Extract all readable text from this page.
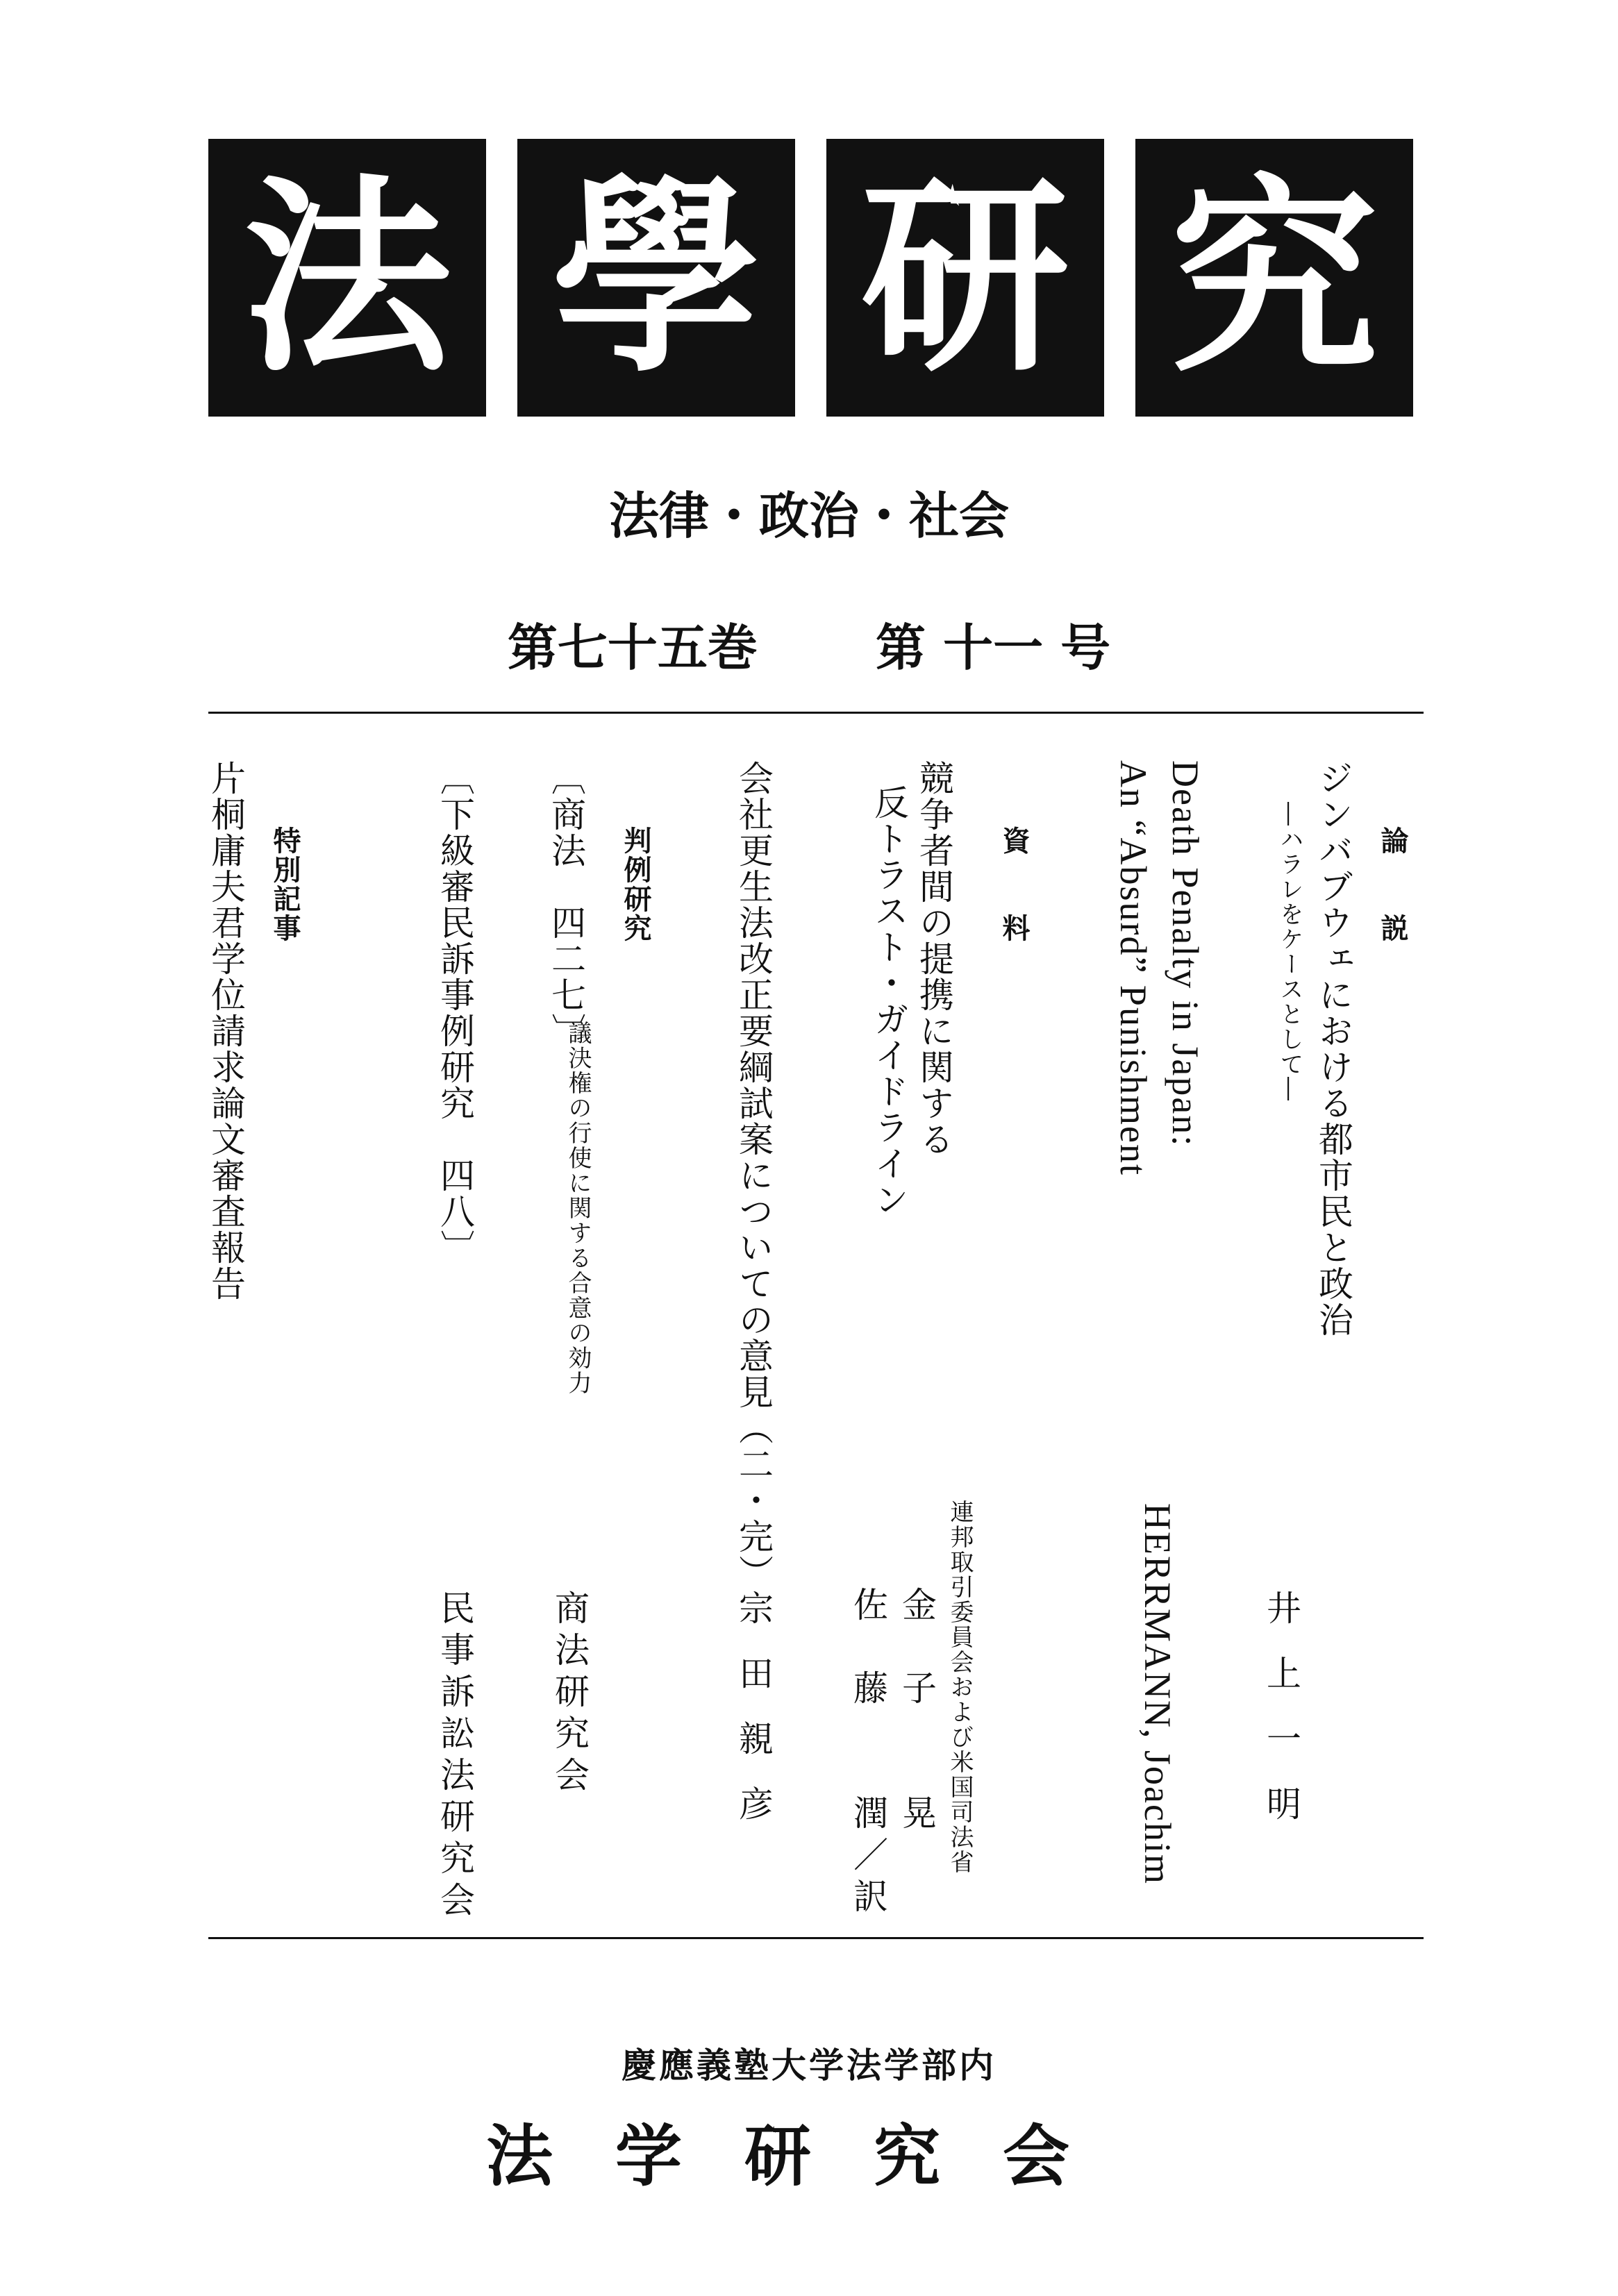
法 學 研 究
法律・政治・社会
第七十五巻 第 十一 号
論　　説
ジンバブウェにおける都市民と政治
―ハラレをケースとして―
井上一明
Death Penalty in Japan:
An “Absurd” Punishment
HERRMANN, Joachim
資　　料
競争者間の提携に関する
反トラスト・ガイドライン
連邦取引委員会および米国司法省
金　子　　晃
佐　藤　　潤／訳
会社更生法改正要綱試案についての意見（二・完）
宗田親彦
判例研究
〔商法　四二七〕
議決権の行使に関する合意の効力
商法研究会
〔下級審民訴事例研究　四八〕
民事訴訟法研究会
特別記事
片桐庸夫君学位請求論文審査報告
慶應義塾大学法学部内
法学研究会
